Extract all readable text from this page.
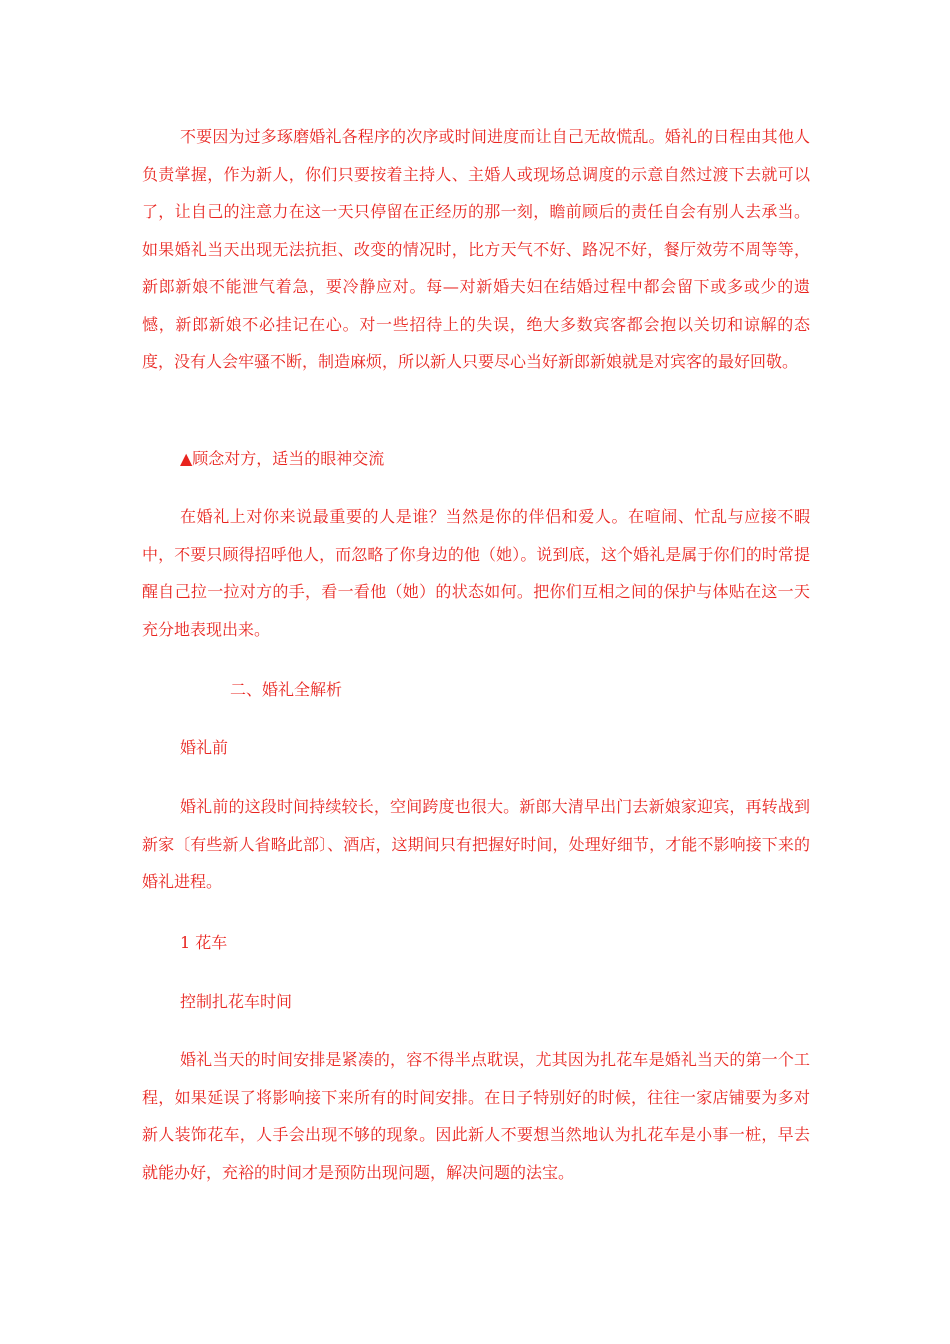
不要因为过多琢磨婚礼各程序的次序或时间进度而让自己无故慌乱。婚礼的日程由其他人负责掌握，作为新人，你们只要按着主持人、主婚人或现场总调度的示意自然过渡下去就可以了，让自己的注意力在这一天只停留在正经历的那一刻，瞻前顾后的责任自会有别人去承当。如果婚礼当天出现无法抗拒、改变的情况时，比方天气不好、路况不好，餐厅效劳不周等等，新郎新娘不能泄气着急，要冷静应对。每—对新婚夫妇在结婚过程中都会留下或多或少的遗憾，新郎新娘不必挂记在心。对一些招待上的失误，绝大多数宾客都会抱以关切和谅解的态度，没有人会牢骚不断，制造麻烦，所以新人只要尽心当好新郎新娘就是对宾客的最好回敬。

▲顾念对方，适当的眼神交流

在婚礼上对你来说最重要的人是谁？当然是你的伴侣和爱人。在喧闹、忙乱与应接不暇中，不要只顾得招呼他人，而忽略了你身边的他（她）。说到底，这个婚礼是属于你们的时常提醒自己拉一拉对方的手，看一看他（她）的状态如何。把你们互相之间的保护与体贴在这一天充分地表现出来。

二、婚礼全解析

婚礼前

婚礼前的这段时间持续较长，空间跨度也很大。新郎大清早出门去新娘家迎宾，再转战到新家〔有些新人省略此部〕、酒店，这期间只有把握好时间，处理好细节，才能不影响接下来的婚礼进程。

1 花车

控制扎花车时间

婚礼当天的时间安排是紧凑的，容不得半点耽误，尤其因为扎花车是婚礼当天的第一个工程，如果延误了将影响接下来所有的时间安排。在日子特别好的时候，往往一家店铺要为多对新人装饰花车，人手会出现不够的现象。因此新人不要想当然地认为扎花车是小事一桩，早去就能办好，充裕的时间才是预防出现问题，解决问题的法宝。
